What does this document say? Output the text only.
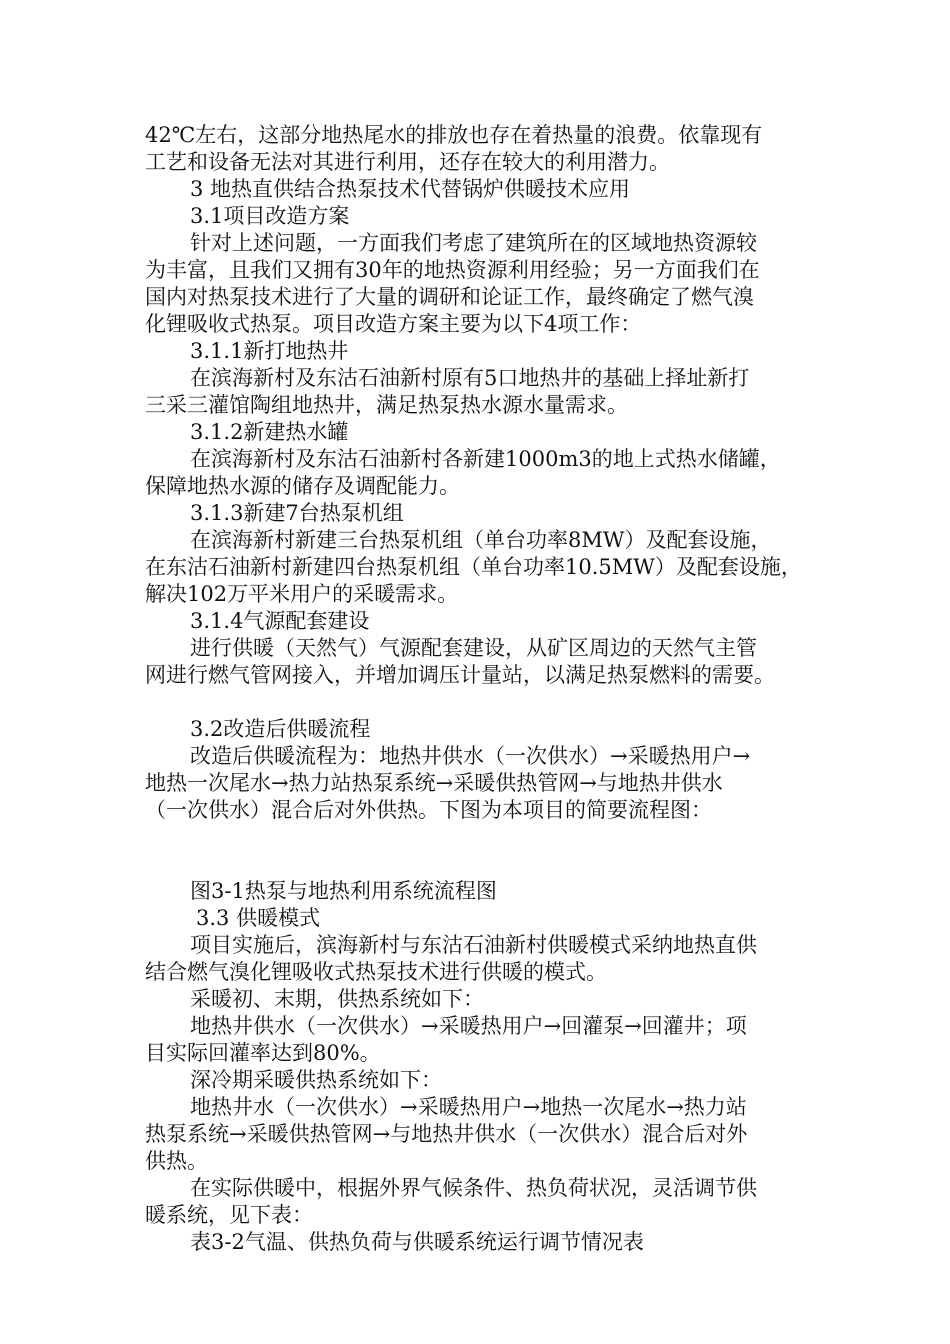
42℃左右，这部分地热尾水的排放也存在着热量的浪费。依靠现有
工艺和设备无法对其进行利用，还存在较大的利用潜力。
3 地热直供结合热泵技术代替锅炉供暖技术应用
3.1项目改造方案
针对上述问题，一方面我们考虑了建筑所在的区域地热资源较
为丰富，且我们又拥有30年的地热资源利用经验；另一方面我们在
国内对热泵技术进行了大量的调研和论证工作，最终确定了燃气溴
化锂吸收式热泵。项目改造方案主要为以下4项工作：
3.1.1新打地热井
在滨海新村及东沽石油新村原有5口地热井的基础上择址新打
三采三灌馆陶组地热井，满足热泵热水源水量需求。
3.1.2新建热水罐
在滨海新村及东沽石油新村各新建1000m3的地上式热水储罐，
保障地热水源的储存及调配能力。
3.1.3新建7台热泵机组
在滨海新村新建三台热泵机组（单台功率8MW）及配套设施，
在东沽石油新村新建四台热泵机组（单台功率10.5MW）及配套设施，
解决102万平米用户的采暖需求。
3.1.4气源配套建设
进行供暖（天然气）气源配套建设，从矿区周边的天然气主管
网进行燃气管网接入，并增加调压计量站，以满足热泵燃料的需要。
3.2改造后供暖流程
改造后供暖流程为：地热井供水（一次供水）→采暖热用户→
地热一次尾水→热力站热泵系统→采暖供热管网→与地热井供水
（一次供水）混合后对外供热。下图为本项目的简要流程图：
图3-1热泵与地热利用系统流程图
3.3 供暖模式
项目实施后，滨海新村与东沽石油新村供暖模式采纳地热直供
结合燃气溴化锂吸收式热泵技术进行供暖的模式。
采暖初、末期，供热系统如下：
地热井供水（一次供水）→采暖热用户→回灌泵→回灌井；项
目实际回灌率达到80%。
深冷期采暖供热系统如下：
地热井水（一次供水）→采暖热用户→地热一次尾水→热力站
热泵系统→采暖供热管网→与地热井供水（一次供水）混合后对外
供热。
在实际供暖中，根据外界气候条件、热负荷状况，灵活调节供
暖系统，见下表：
表3-2气温、供热负荷与供暖系统运行调节情况表
